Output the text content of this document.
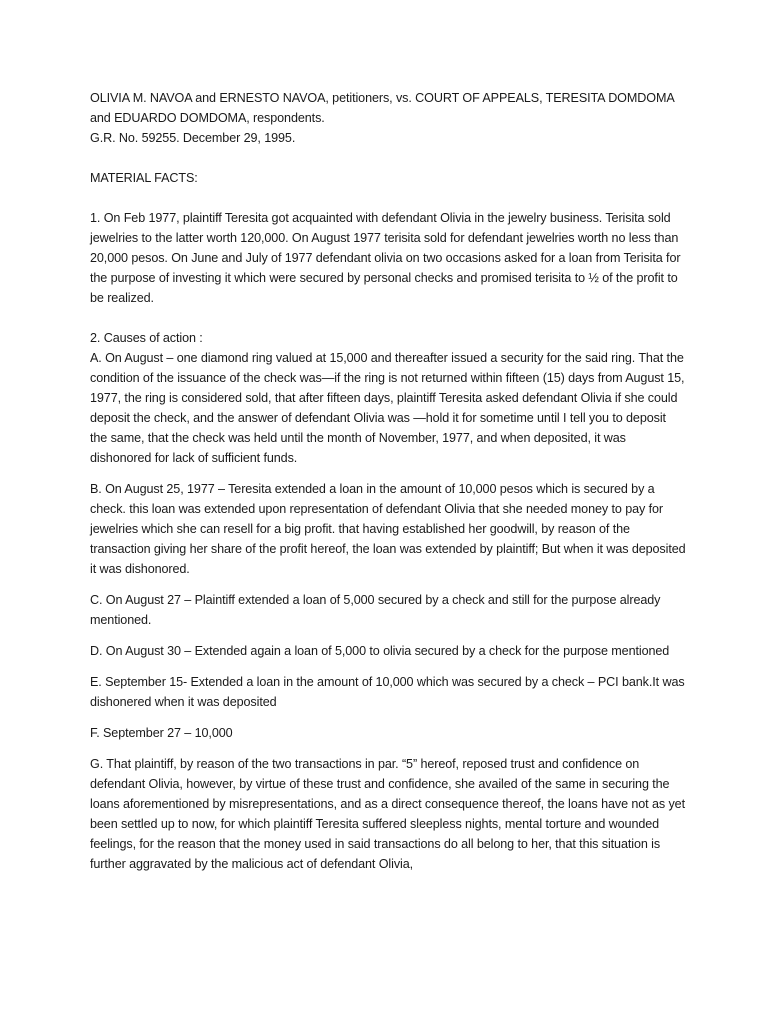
OLIVIA M. NAVOA and ERNESTO NAVOA, petitioners, vs. COURT OF APPEALS, TERESITA DOMDOMA and EDUARDO DOMDOMA, respondents.

G.R. No. 59255. December 29, 1995.

MATERIAL FACTS:

1. On Feb 1977, plaintiff Teresita got acquainted with defendant Olivia in the jewelry business. Terisita sold jewelries to the latter worth 120,000. On August 1977 terisita sold for defendant jewelries worth no less than 20,000 pesos. On June and July of 1977 defendant olivia on two occasions asked for a loan from Terisita for the purpose of investing it which were secured by personal checks and promised terisita to ½ of the profit to be realized.

2. Causes of action :

A. On August – one diamond ring valued at 15,000 and thereafter issued a security for the said ring. That the condition of the issuance of the check was—if the ring is not returned within fifteen (15) days from August 15, 1977, the ring is considered sold, that after fifteen days, plaintiff Teresita asked defendant Olivia if she could deposit the check, and the answer of defendant Olivia was —hold it for sometime until I tell you to deposit the same, that the check was held until the month of November, 1977, and when deposited, it was dishonored for lack of sufficient funds.

B. On August 25, 1977 – Teresita extended a loan in the amount of 10,000 pesos which is secured by a check. this loan was extended upon representation of defendant Olivia that she needed money to pay for jewelries which she can resell for a big profit. that having established her goodwill, by reason of the transaction giving her share of the profit hereof, the loan was extended by plaintiff; But when it was deposited it was dishonored.

C. On August 27 – Plaintiff extended a loan of 5,000 secured by a check and still for the purpose already mentioned.

D. On August 30 – Extended again a loan of 5,000 to olivia secured by a check for the purpose mentioned

E. September 15- Extended a loan in the amount of 10,000 which was secured by a check – PCI bank.It was dishonered when it was deposited

F. September 27 – 10,000

G. That plaintiff, by reason of the two transactions in par. “5” hereof, reposed trust and confidence on defendant Olivia, however, by virtue of these trust and confidence, she availed of the same in securing the loans aforementioned by misrepresentations, and as a direct consequence thereof, the loans have not as yet been settled up to now, for which plaintiff Teresita suffered sleepless nights, mental torture and wounded feelings, for the reason that the money used in said transactions do all belong to her, that this situation is further aggravated by the malicious act of defendant Olivia,
